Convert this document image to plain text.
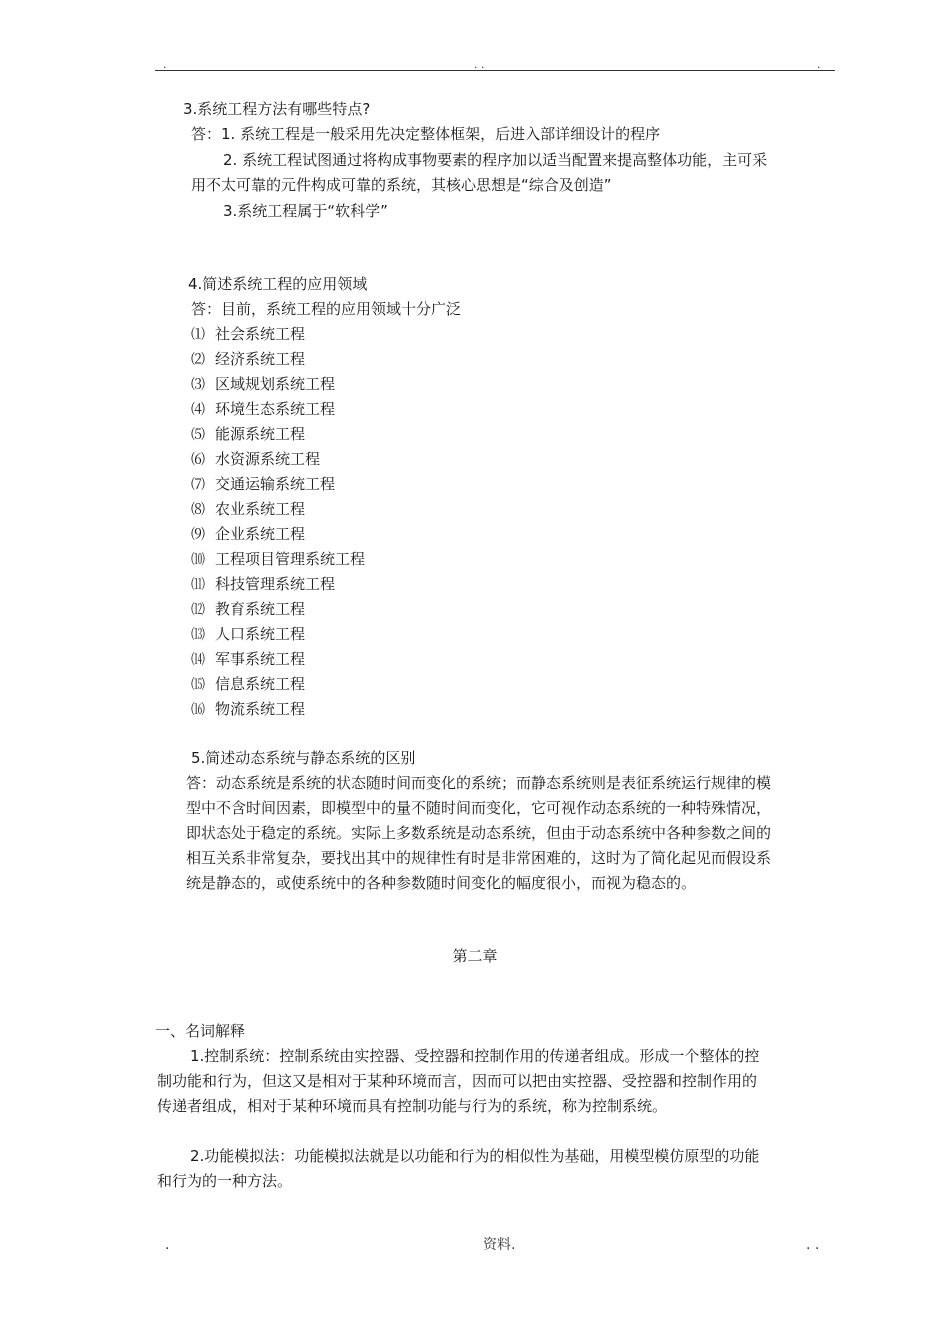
.	. .	.
3.系统工程方法有哪些特点?
答：1. 系统工程是一般采用先决定整体框架，后进入部详细设计的程序
2. 系统工程试图通过将构成事物要素的程序加以适当配置来提高整体功能，主可采
用不太可靠的元件构成可靠的系统，其核心思想是“综合及创造”
3.系统工程属于“软科学”
4.简述系统工程的应用领域
答：目前，系统工程的应用领域十分广泛
⑴ 社会系统工程
⑵ 经济系统工程
⑶ 区域规划系统工程
⑷ 环境生态系统工程
⑸ 能源系统工程
⑹ 水资源系统工程
⑺ 交通运输系统工程
⑻ 农业系统工程
⑼ 企业系统工程
⑽ 工程项目管理系统工程
⑾ 科技管理系统工程
⑿ 教育系统工程
⒀ 人口系统工程
⒁ 军事系统工程
⒂ 信息系统工程
⒃ 物流系统工程
5.简述动态系统与静态系统的区别
答：动态系统是系统的状态随时间而变化的系统；而静态系统则是表征系统运行规律的模
型中不含时间因素，即模型中的量不随时间而变化，它可视作动态系统的一种特殊情况，
即状态处于稳定的系统。实际上多数系统是动态系统，但由于动态系统中各种参数之间的
相互关系非常复杂，要找出其中的规律性有时是非常困难的，这时为了简化起见而假设系
统是静态的，或使系统中的各种参数随时间变化的幅度很小，而视为稳态的。
第二章
一、名词解释
1.控制系统：控制系统由实控器、受控器和控制作用的传递者组成。形成一个整体的控
制功能和行为，但这又是相对于某种环境而言，因而可以把由实控器、受控器和控制作用的
传递者组成，相对于某种环境而具有控制功能与行为的系统，称为控制系统。
2.功能模拟法：功能模拟法就是以功能和行为的相似性为基础，用模型模仿原型的功能
和行为的一种方法。
.	资料.	. .
